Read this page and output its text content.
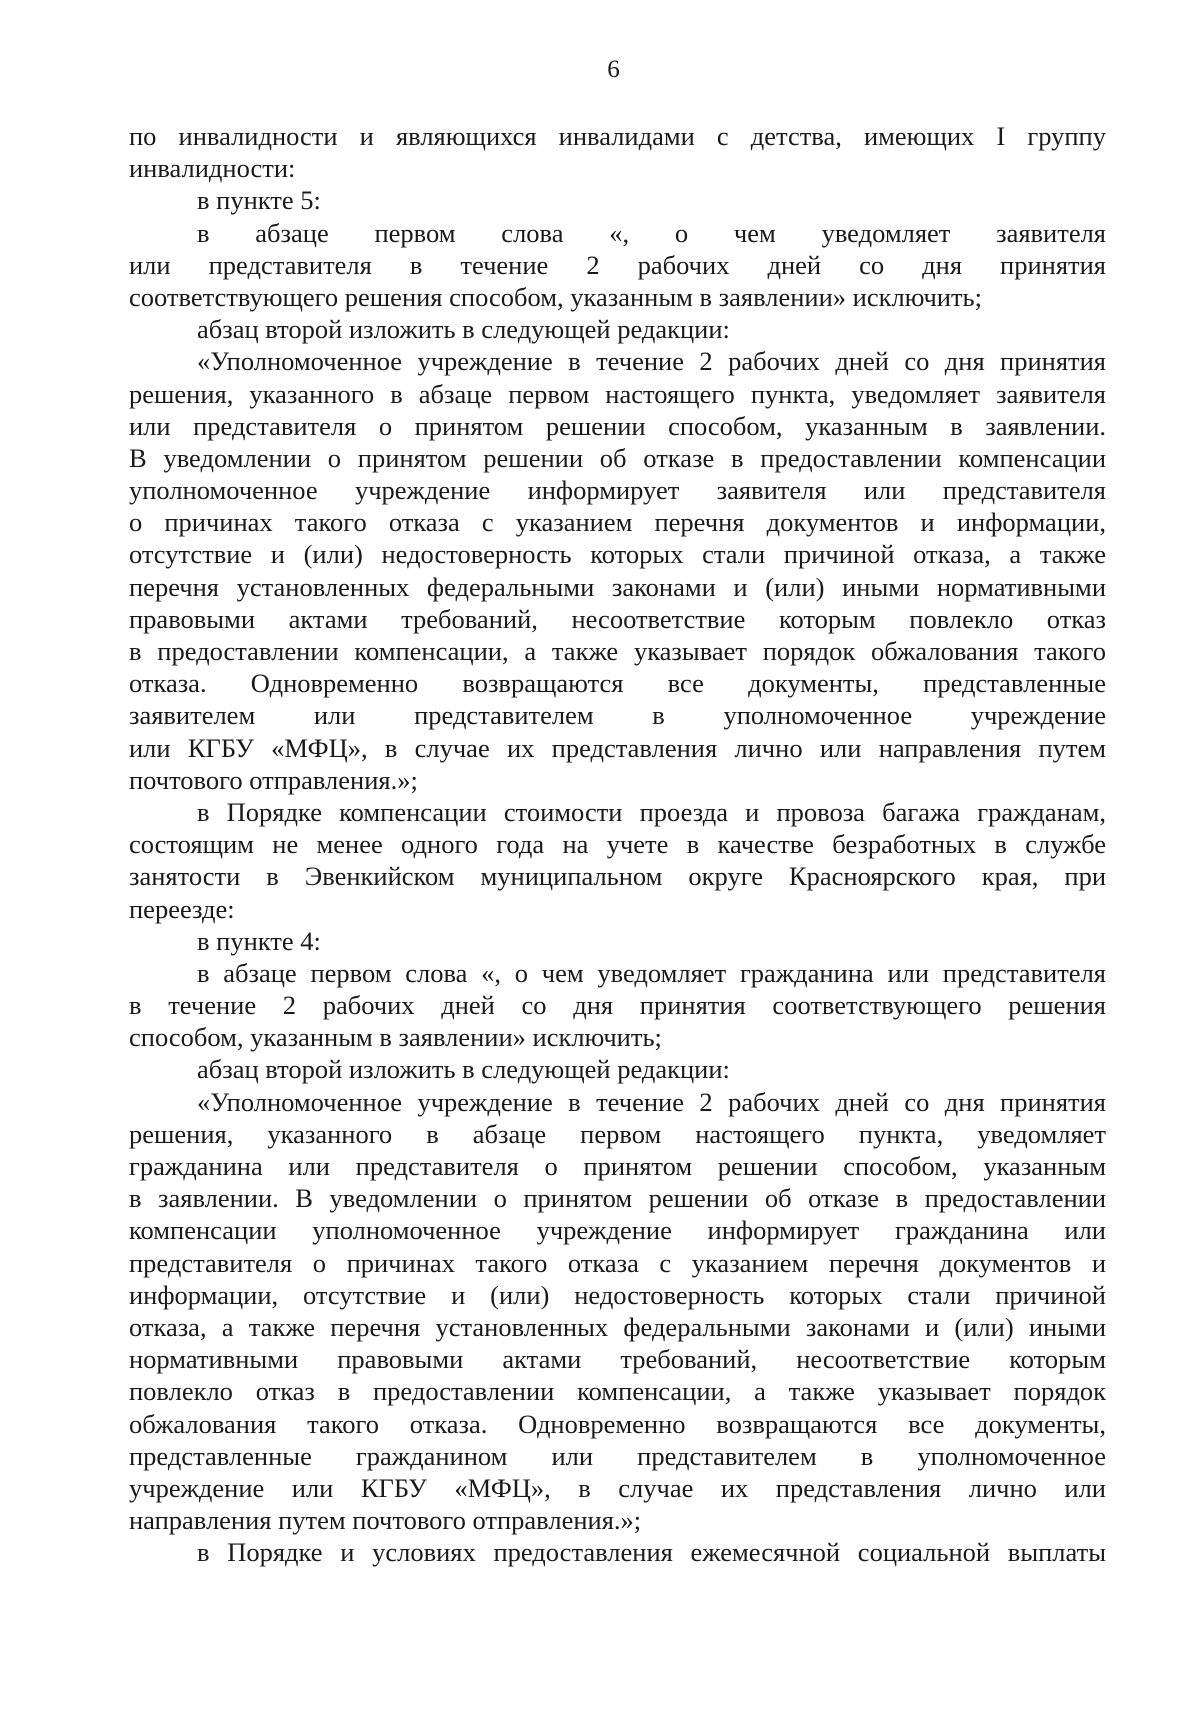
6
по инвалидности и являющихся инвалидами с детства, имеющих I группу
инвалидности:
в пункте 5:
в абзаце первом слова «, о чем уведомляет заявителя
или представителя в течение 2 рабочих дней со дня принятия
соответствующего решения способом, указанным в заявлении» исключить;
абзац второй изложить в следующей редакции:
«Уполномоченное учреждение в течение 2 рабочих дней со дня принятия
решения, указанного в абзаце первом настоящего пункта, уведомляет заявителя
или представителя о принятом решении способом, указанным в заявлении.
В уведомлении о принятом решении об отказе в предоставлении компенсации
уполномоченное учреждение информирует заявителя или представителя
о причинах такого отказа с указанием перечня документов и информации,
отсутствие и (или) недостоверность которых стали причиной отказа, а также
перечня установленных федеральными законами и (или) иными нормативными
правовыми актами требований, несоответствие которым повлекло отказ
в предоставлении компенсации, а также указывает порядок обжалования такого
отказа. Одновременно возвращаются все документы, представленные
заявителем или представителем в уполномоченное учреждение
или КГБУ «МФЦ», в случае их представления лично или направления путем
почтового отправления.»;
в Порядке компенсации стоимости проезда и провоза багажа гражданам,
состоящим не менее одного года на учете в качестве безработных в службе
занятости в Эвенкийском муниципальном округе Красноярского края, при
переезде:
в пункте 4:
в абзаце первом слова «, о чем уведомляет гражданина или представителя
в течение 2 рабочих дней со дня принятия соответствующего решения
способом, указанным в заявлении» исключить;
абзац второй изложить в следующей редакции:
«Уполномоченное учреждение в течение 2 рабочих дней со дня принятия
решения, указанного в абзаце первом настоящего пункта, уведомляет
гражданина или представителя о принятом решении способом, указанным
в заявлении. В уведомлении о принятом решении об отказе в предоставлении
компенсации уполномоченное учреждение информирует гражданина или
представителя о причинах такого отказа с указанием перечня документов и
информации, отсутствие и (или) недостоверность которых стали причиной
отказа, а также перечня установленных федеральными законами и (или) иными
нормативными правовыми актами требований, несоответствие которым
повлекло отказ в предоставлении компенсации, а также указывает порядок
обжалования такого отказа. Одновременно возвращаются все документы,
представленные гражданином или представителем в уполномоченное
учреждение или КГБУ «МФЦ», в случае их представления лично или
направления путем почтового отправления.»;
в Порядке и условиях предоставления ежемесячной социальной выплаты
